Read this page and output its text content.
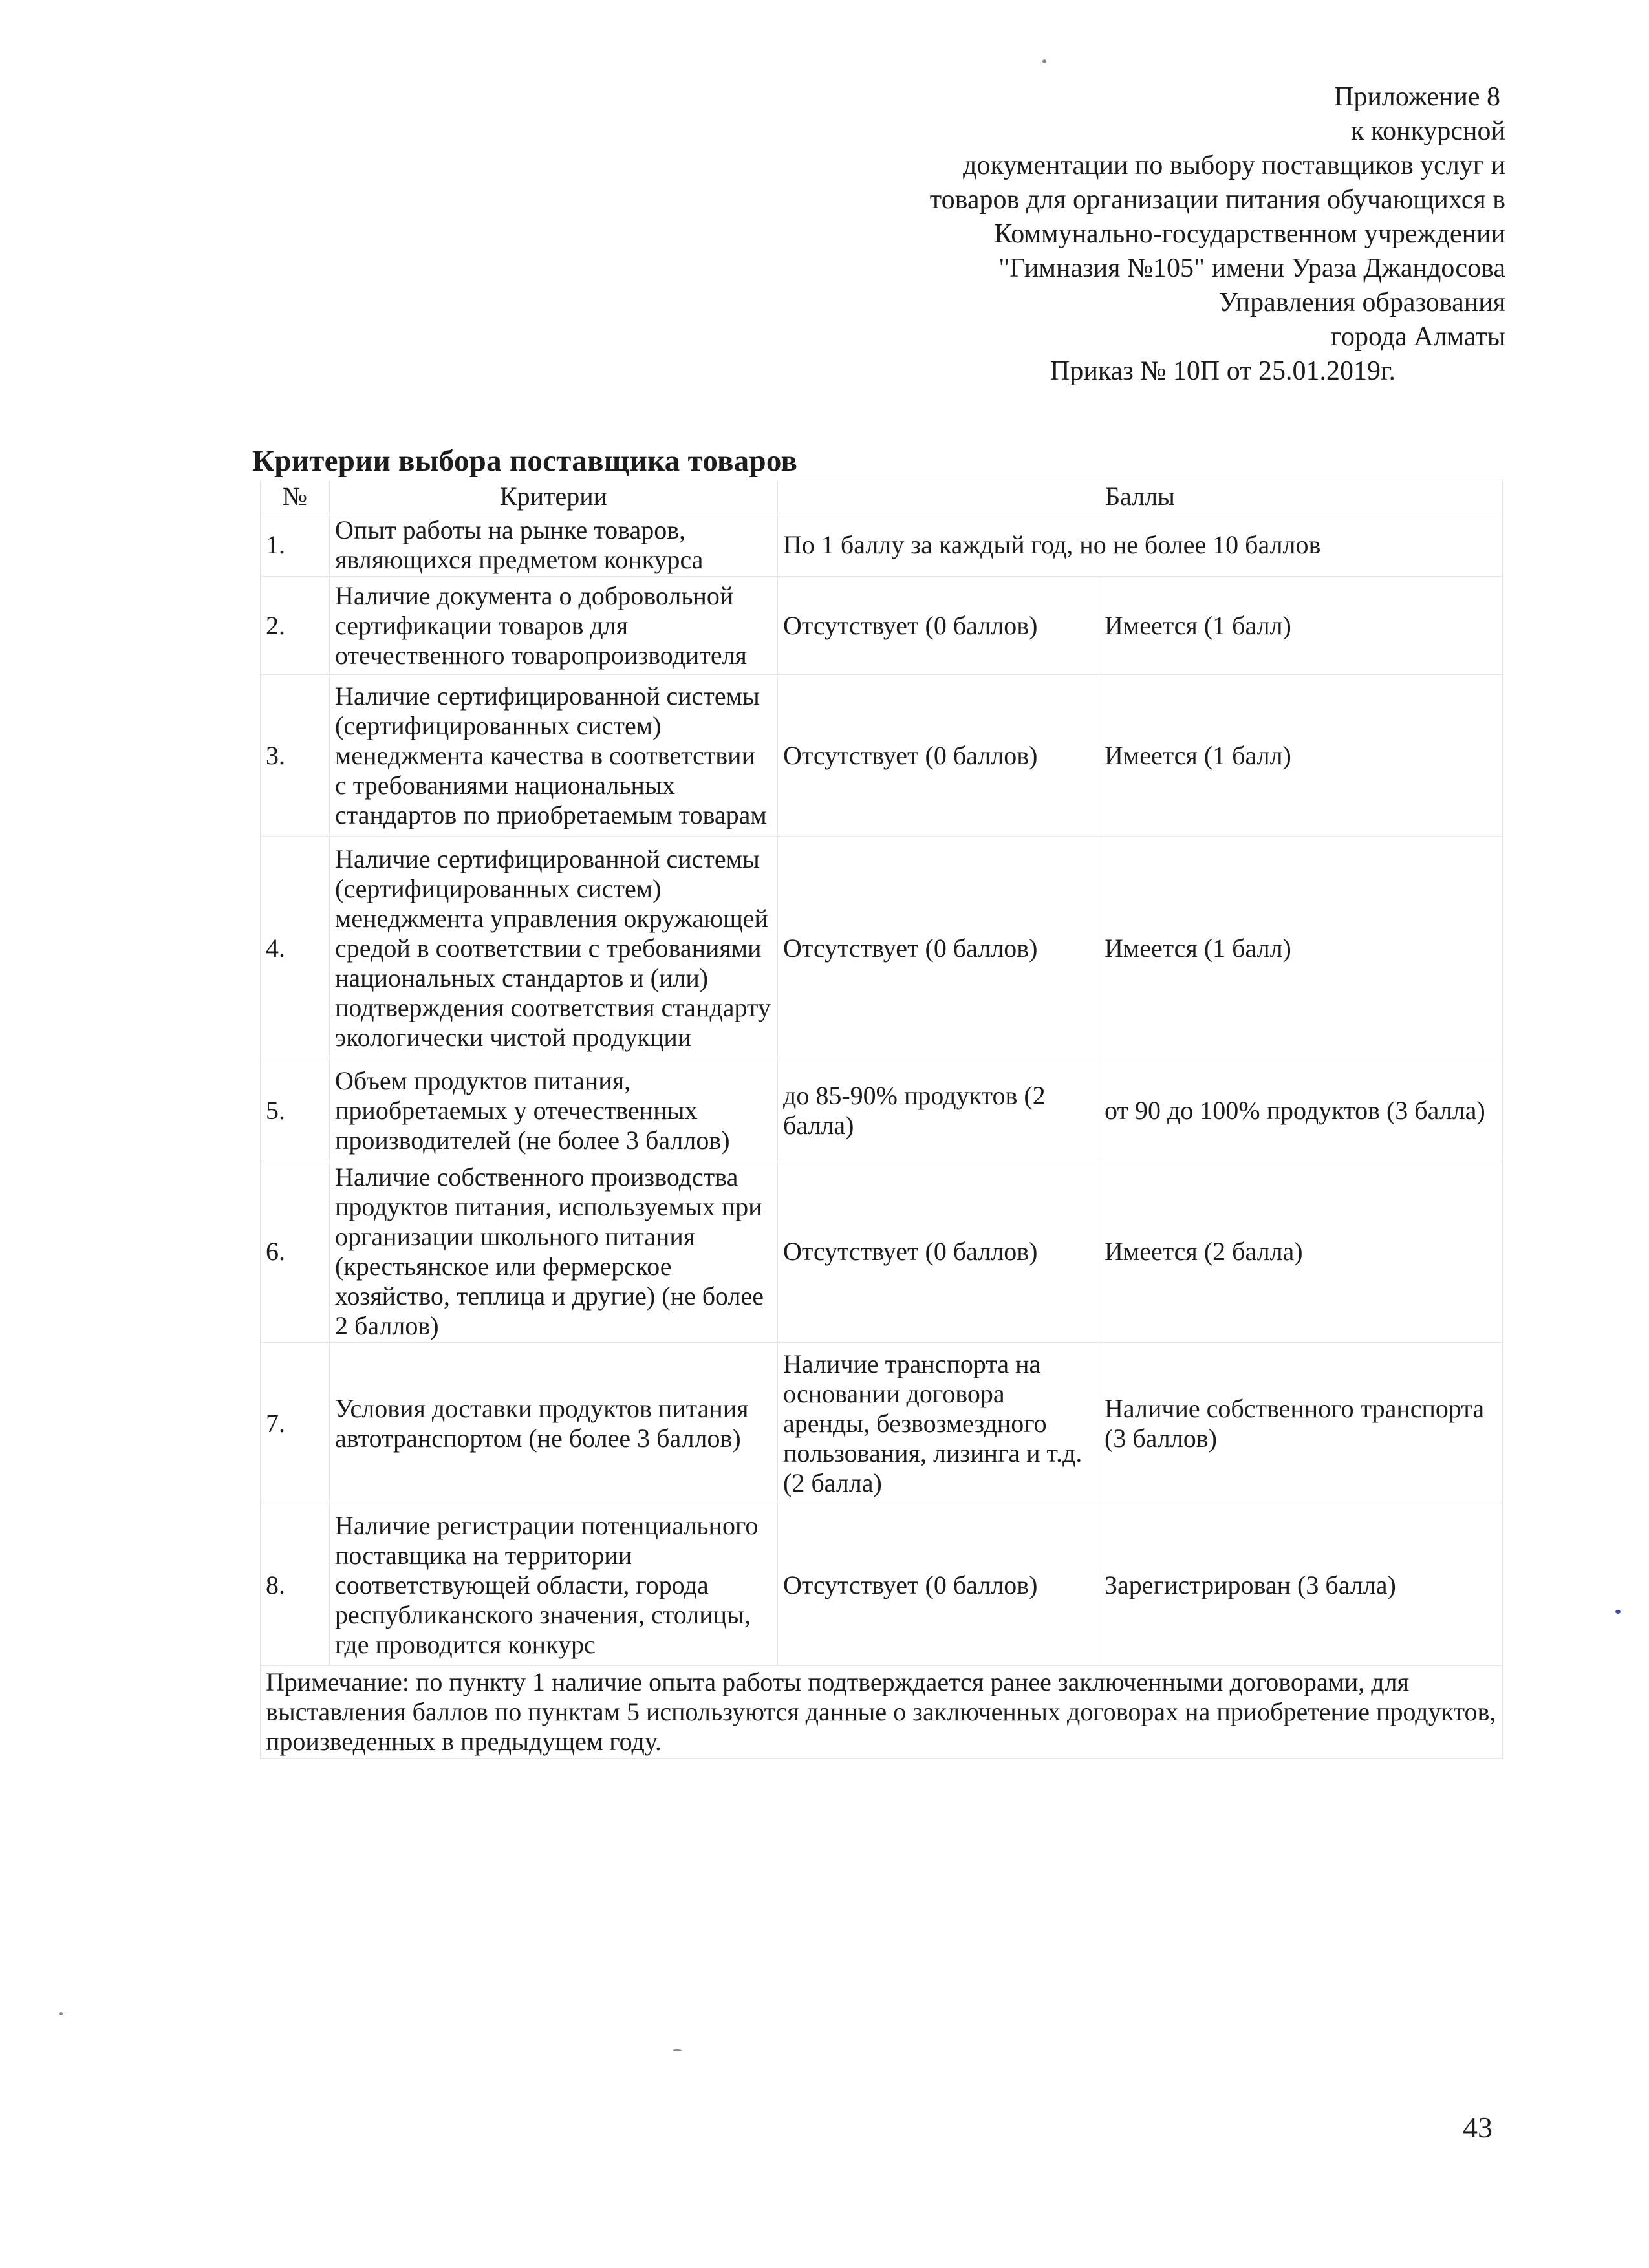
Приложение 8
к конкурсной
документации по выбору поставщиков услуг и
товаров для организации питания обучающихся в
Коммунально-государственном учреждении
"Гимназия №105" имени Ураза Джандосова
Управления образования
города Алматы
Приказ № 10П от 25.01.2019г.
Критерии выбора поставщика товаров
№	Критерии	Баллы	
1.	Опыт работы на рынке товаров, являющихся предметом конкурса	По 1 баллу за каждый год, но не более 10 баллов	
2.	Наличие документа о добровольной сертификации товаров для отечественного товаропроизводителя	Отсутствует (0 баллов)	Имеется (1 балл)
3.	Наличие сертифицированной системы (сертифицированных систем) менеджмента качества в соответствии с требованиями национальных стандартов по приобретаемым товарам	Отсутствует (0 баллов)	Имеется (1 балл)
4.	Наличие сертифицированной системы (сертифицированных систем) менеджмента управления окружающей средой в соответствии с требованиями национальных стандартов и (или) подтверждения соответствия стандарту экологически чистой продукции	Отсутствует (0 баллов)	Имеется (1 балл)
5.	Объем продуктов питания, приобретаемых у отечественных производителей (не более 3 баллов)	до 85-90% продуктов (2 балла)	от 90 до 100% продуктов (3 балла)
6.	Наличие собственного производства продуктов питания, используемых при организации школьного питания (крестьянское или фермерское хозяйство, теплица и другие) (не более 2 баллов)	Отсутствует (0 баллов)	Имеется (2 балла)
7.	Условия доставки продуктов питания автотранспортом (не более 3 баллов)	Наличие транспорта на основании договора аренды, безвозмездного пользования, лизинга и т.д. (2 балла)	Наличие собственного транспорта (3 баллов)
8.	Наличие регистрации потенциального поставщика на территории соответствующей области, города республиканского значения, столицы, где проводится конкурс	Отсутствует (0 баллов)	Зарегистрирован (3 балла)
Примечание: по пункту 1 наличие опыта работы подтверждается ранее заключенными договорами, для выставления баллов по пунктам 5 используются данные о заключенных договорах на приобретение продуктов, произведенных в предыдущем году.			
43
